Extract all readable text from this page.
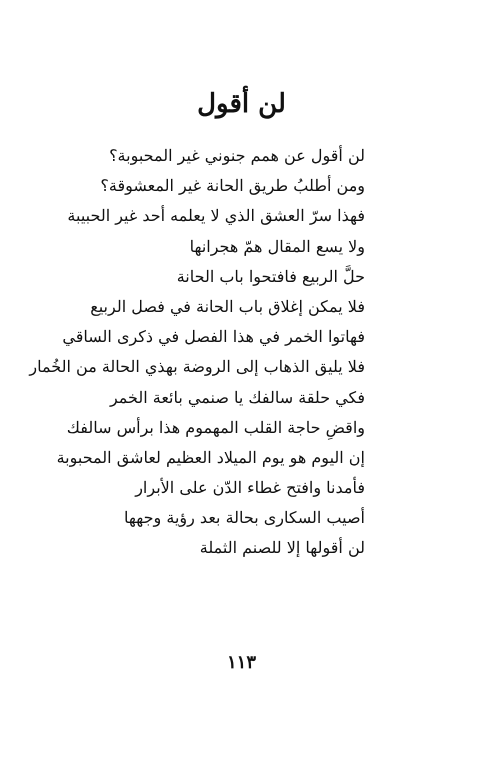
لن أقول
لن أقول عن همم جنوني غير المحبوبة؟
ومن أطلبُ طريق الحانة غير المعشوقة؟
فهذا سرّ العشق الذي لا يعلمه أحد غير الحبيبة
ولا يسع المقال همّ هجرانها
حلَّ الربيع فافتحوا باب الحانة
فلا يمكن إغلاق باب الحانة في فصل الربيع
فهاتوا الخمر في هذا الفصل في ذكرى الساقي
فلا يليق الذهاب إلى الروضة بهذي الحالة من الخُمار
فكي حلقة سالفك يا صنمي بائعة الخمر
واقضِ حاجة القلب المهموم هذا برأس سالفك
إن اليوم هو يوم الميلاد العظيم لعاشق المحبوبة
فأمدنا وافتح غطاء الدّن على الأبرار
أصيب السكارى بحالة بعد رؤية وجهها
لن أقولها إلا للصنم الثملة
١١٣
